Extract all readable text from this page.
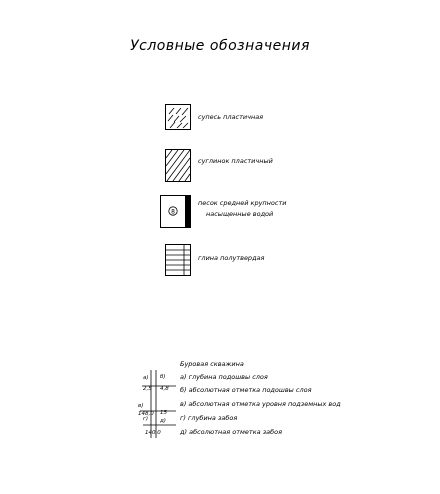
Условные обозначения
супесь пластичная
суглинок пластичный
8
песок средней крупности
насыщенные водой
глина полутвердая
а) б)
2,5 4,8
в)
148,0 15
г) д)
140,0
Буровая скважина
а) глубина подошвы слоя
б) абсолютная отметка подошвы слоя
в) абсолютная отметка уровня подземных вод
г) глубина забоя
д) абсолютная отметка забоя
